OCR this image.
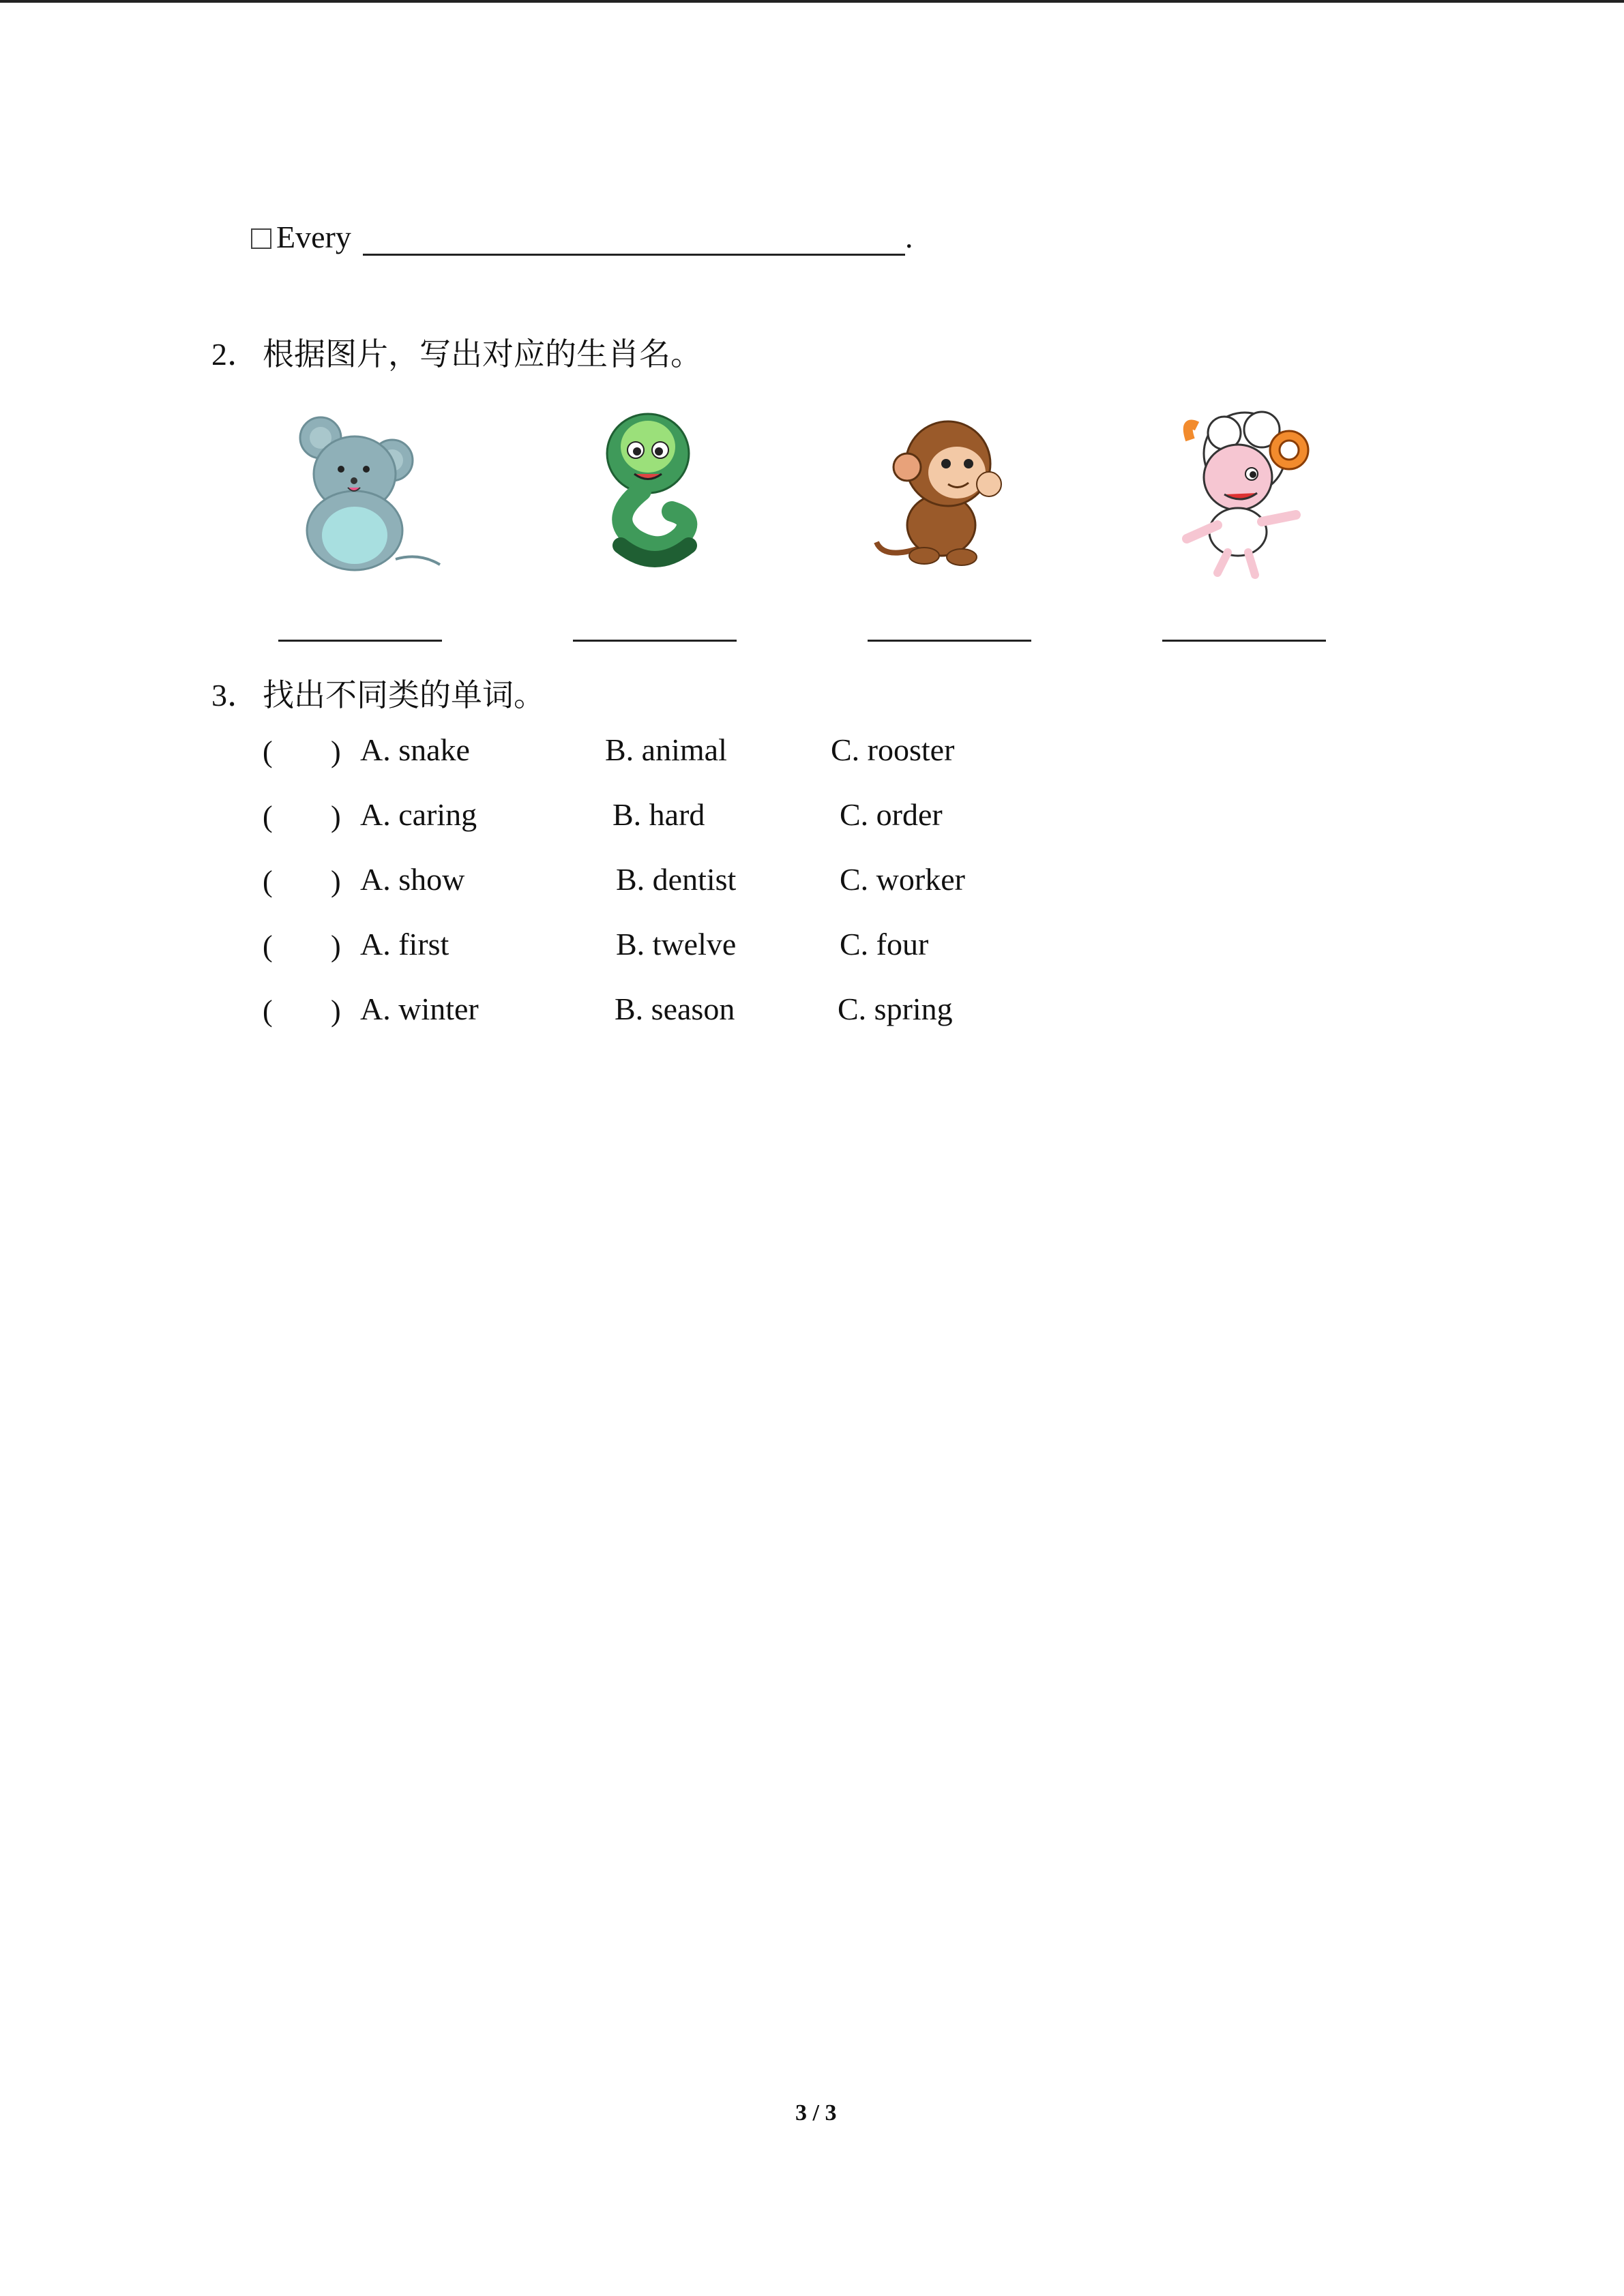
Every	.
2． 根据图片，写出对应的生肖名。
3． 找出不同类的单词。
( ) A. snake	B. animal	C. rooster
( ) A. caring	B. hard	C. order
( ) A. show	B. dentist	C. worker
( ) A. first	B. twelve	C. four
( ) A. winter	B. season	C. spring
3 / 3
